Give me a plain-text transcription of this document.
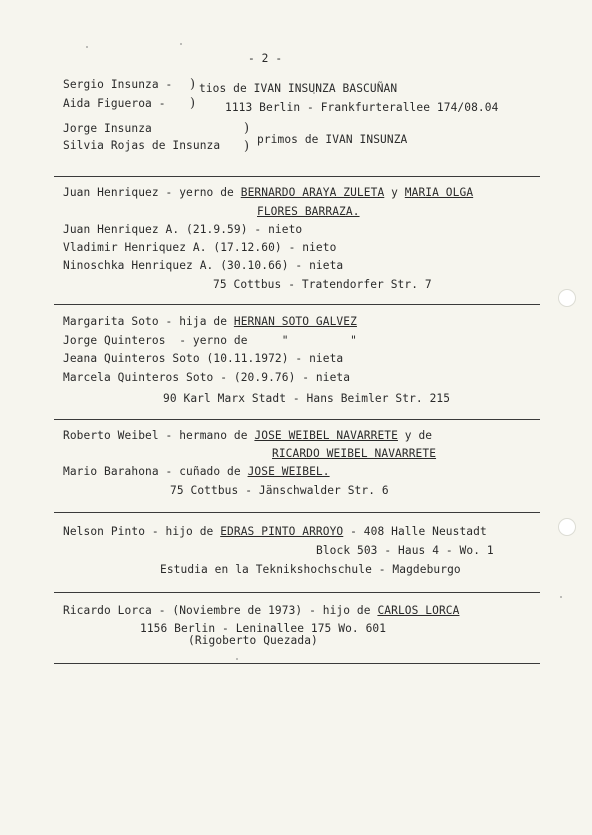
- 2 -
Sergio Insunza -
Aida Figueroa -
)
)
tios de IVAN INSUNZA BASCUÑAN
1113 Berlin - Frankfurterallee 174/08.04
Jorge Insunza
Silvia Rojas de Insunza
)
) primos de IVAN INSUNZA
Juan Henriquez - yerno de BERNARDO ARAYA ZULETA y MARIA OLGA
FLORES BARRAZA.
Juan Henriquez A. (21.9.59) - nieto
Vladimir Henriquez A. (17.12.60) - nieto
Ninoschka Henriquez A. (30.10.66) - nieta
75 Cottbus - Tratendorfer Str. 7
Margarita Soto - hija de HERNAN SOTO GALVEZ
Jorge Quinteros  - yerno de     "         "
Jeana Quinteros Soto (10.11.1972) - nieta
Marcela Quinteros Soto - (20.9.76) - nieta
90 Karl Marx Stadt - Hans Beimler Str. 215
Roberto Weibel - hermano de JOSE WEIBEL NAVARRETE y de
RICARDO WEIBEL NAVARRETE
Mario Barahona - cuñado de JOSE WEIBEL.
75 Cottbus - Jänschwalder Str. 6
Nelson Pinto - hijo de EDRAS PINTO ARROYO - 408 Halle Neustadt
Block 503 - Haus 4 - Wo. 1
Estudia en la Teknikshochschule - Magdeburgo
Ricardo Lorca - (Noviembre de 1973) - hijo de CARLOS LORCA
1156 Berlin - Leninallee 175 Wo. 601
(Rigoberto Quezada)
